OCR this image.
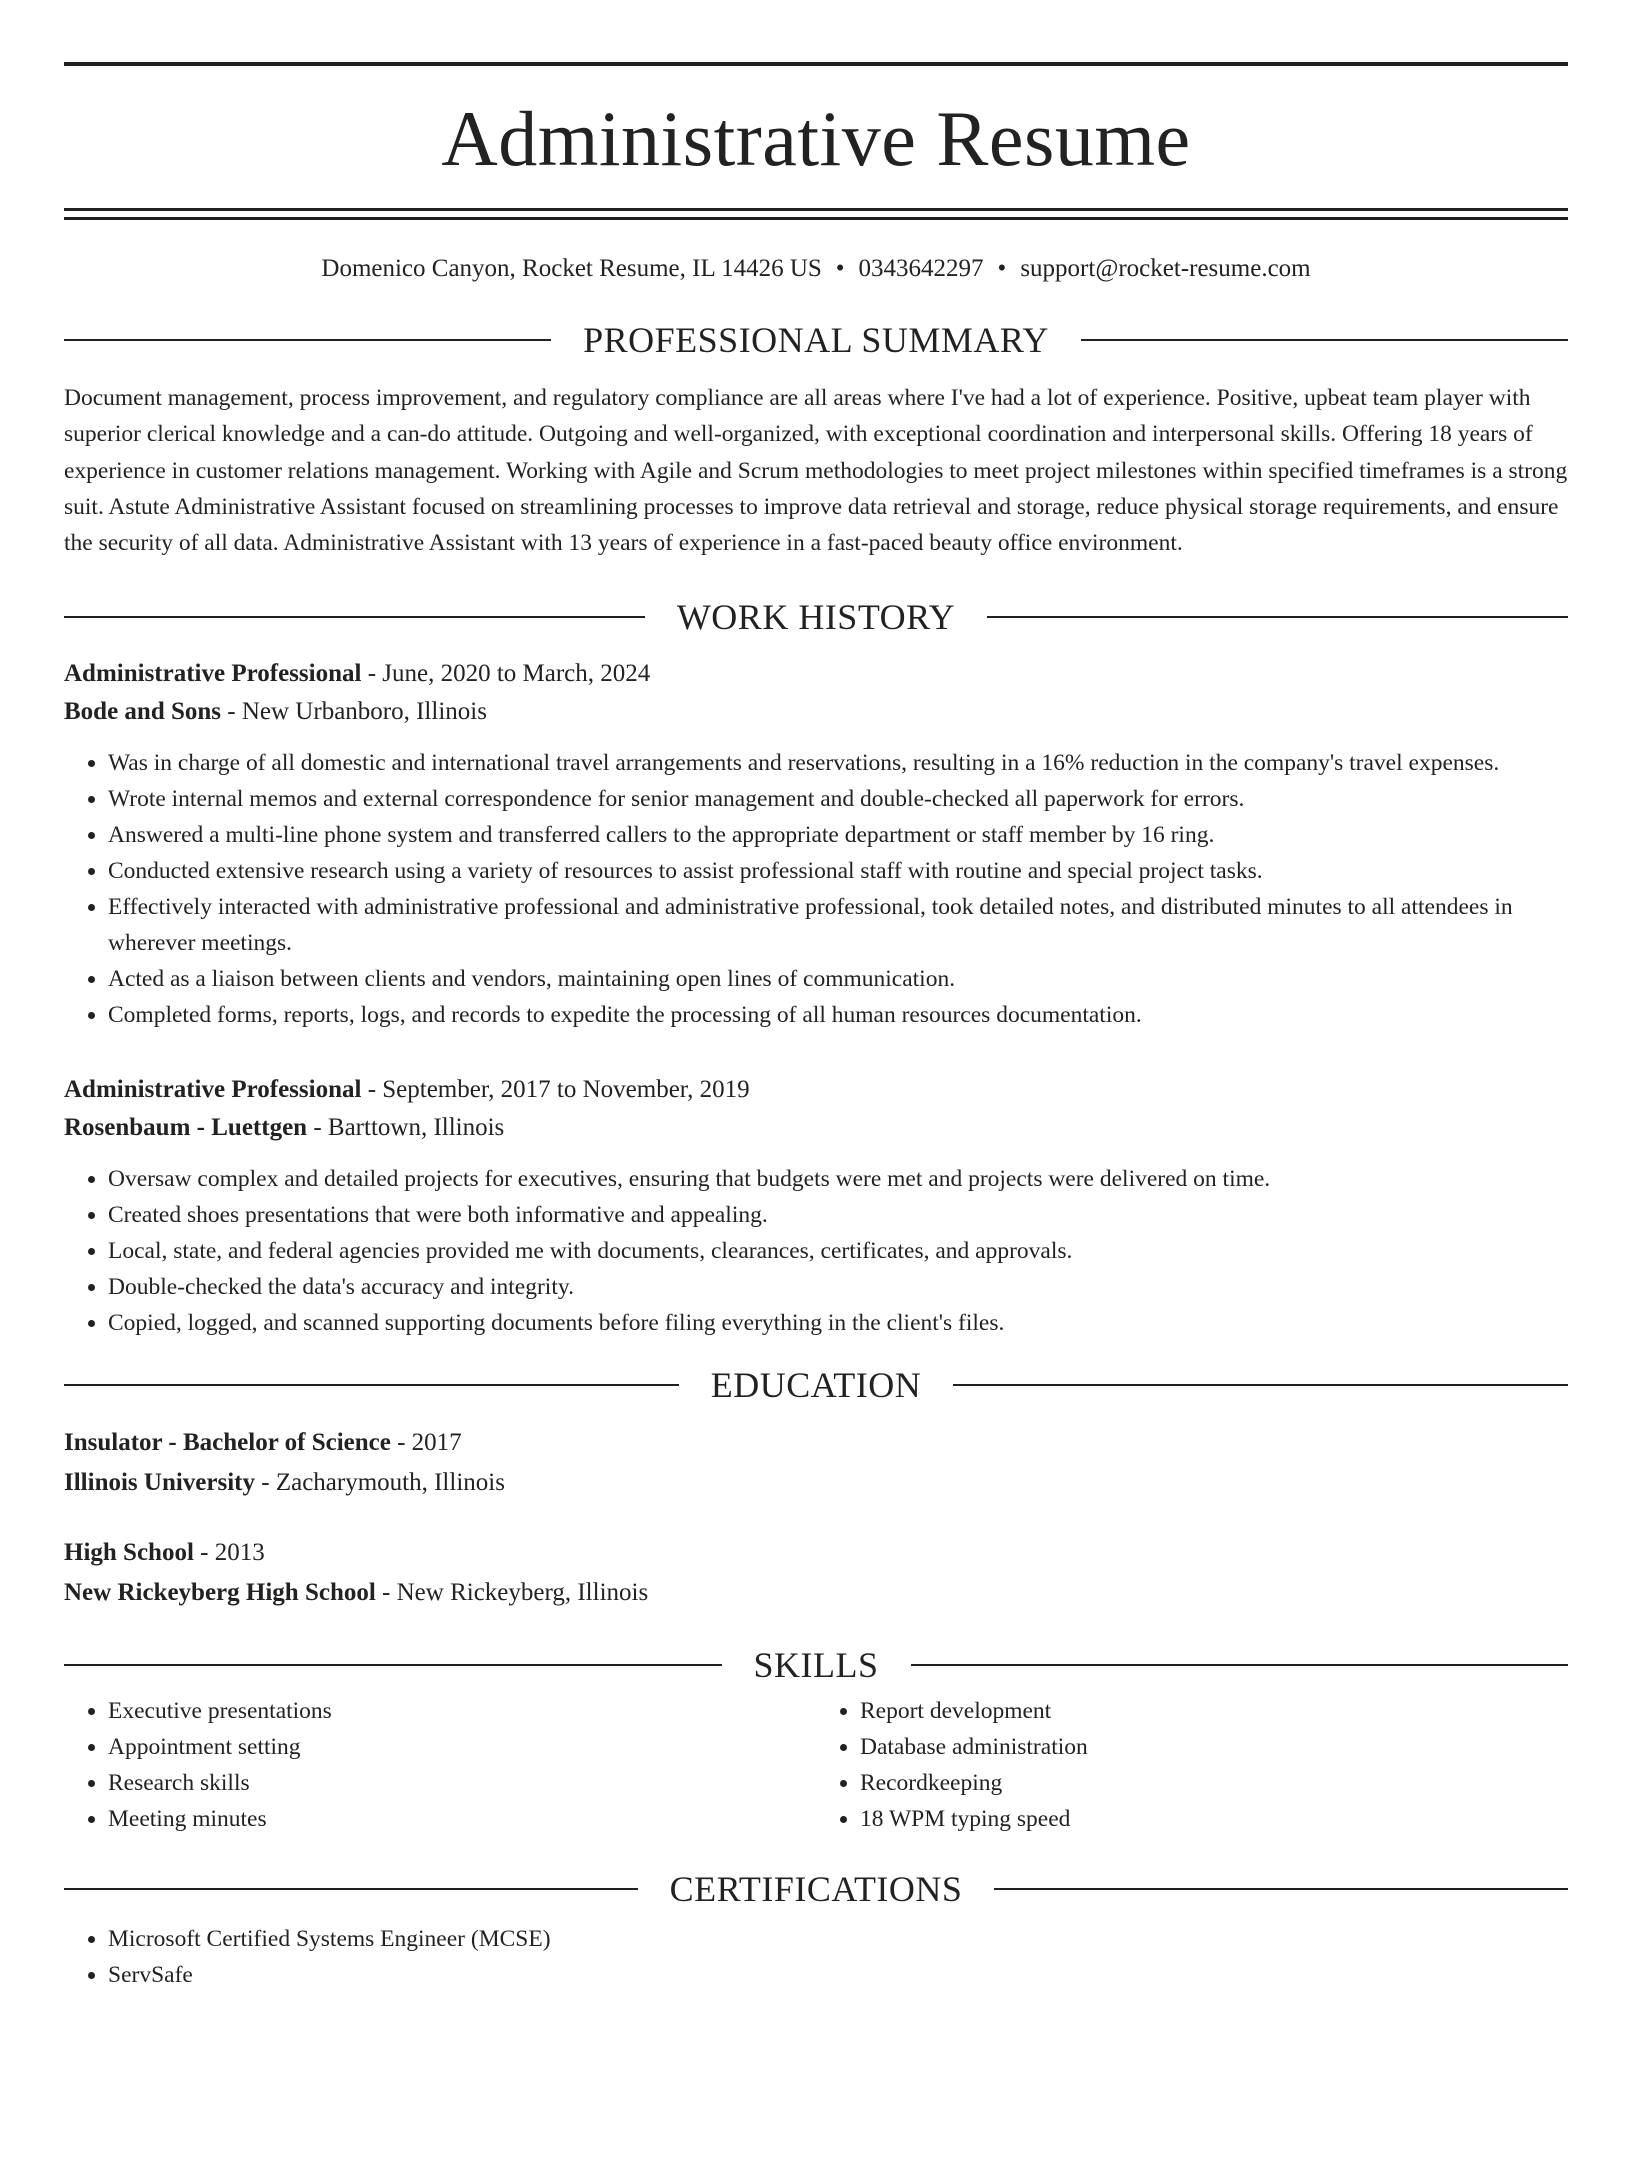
Administrative Resume
Domenico Canyon, Rocket Resume, IL 14426 US • 0343642297 • support@rocket-resume.com
PROFESSIONAL SUMMARY
Document management, process improvement, and regulatory compliance are all areas where I've had a lot of experience. Positive, upbeat team player with superior clerical knowledge and a can-do attitude. Outgoing and well-organized, with exceptional coordination and interpersonal skills. Offering 18 years of experience in customer relations management. Working with Agile and Scrum methodologies to meet project milestones within specified timeframes is a strong suit. Astute Administrative Assistant focused on streamlining processes to improve data retrieval and storage, reduce physical storage requirements, and ensure the security of all data. Administrative Assistant with 13 years of experience in a fast-paced beauty office environment.
WORK HISTORY
Administrative Professional - June, 2020 to March, 2024
Bode and Sons - New Urbanboro, Illinois
• Was in charge of all domestic and international travel arrangements and reservations, resulting in a 16% reduction in the company's travel expenses.
• Wrote internal memos and external correspondence for senior management and double-checked all paperwork for errors.
• Answered a multi-line phone system and transferred callers to the appropriate department or staff member by 16 ring.
• Conducted extensive research using a variety of resources to assist professional staff with routine and special project tasks.
• Effectively interacted with administrative professional and administrative professional, took detailed notes, and distributed minutes to all attendees in wherever meetings.
• Acted as a liaison between clients and vendors, maintaining open lines of communication.
• Completed forms, reports, logs, and records to expedite the processing of all human resources documentation.
Administrative Professional - September, 2017 to November, 2019
Rosenbaum - Luettgen - Barttown, Illinois
• Oversaw complex and detailed projects for executives, ensuring that budgets were met and projects were delivered on time.
• Created shoes presentations that were both informative and appealing.
• Local, state, and federal agencies provided me with documents, clearances, certificates, and approvals.
• Double-checked the data's accuracy and integrity.
• Copied, logged, and scanned supporting documents before filing everything in the client's files.
EDUCATION
Insulator - Bachelor of Science - 2017
Illinois University - Zacharymouth, Illinois
High School - 2013
New Rickeyberg High School - New Rickeyberg, Illinois
SKILLS
• Executive presentations
• Appointment setting
• Research skills
• Meeting minutes
• Report development
• Database administration
• Recordkeeping
• 18 WPM typing speed
CERTIFICATIONS
• Microsoft Certified Systems Engineer (MCSE)
• ServSafe
